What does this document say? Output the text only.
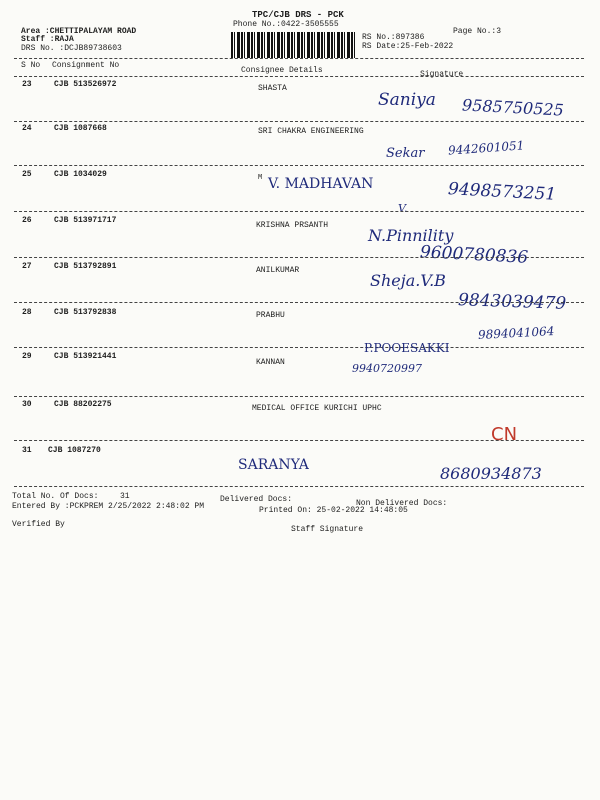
Area :CHETTIPALAYAM ROAD
Staff :RAJA
DRS No. :DCJB89738603
TPC/CJB DRS - PCK
Phone No.:0422-3505555
RS No.:897386
RS Date:25-Feb-2022
Page No.:3
S No Consignment No
Consignee Details	Signature
23	CJB 513526972	SHASTA
Saniya 9585750525
24	CJB 1087668	SRI CHAKRA ENGINEERING
Sekar 9442601051
25	CJB 1034029	M V. MADHAVAN	9498573251
V.
26	CJB 513971717
KRISHNA PRSANTH
N.Pinnility
9600780836
27	CJB 513792891	ANILKUMAR
Sheja.V.B
9843039479
28	CJB 513792838	PRABHU
9894041064
29	CJB 513921441
KANNAN
P.POOESAKKI
9940720997
30	CJB 88202275	MEDICAL OFFICE KURICHI UPHC
CN
31 CJB 1087270
SARANYA	8680934873
Total No. Of Docs:	31	Delivered Docs:	Non Delivered Docs:
Entered By :PCKPREM 2/25/2022 2:48:02 PM	Printed On: 25-02-2022 14:48:05
Verified By
Staff Signature
